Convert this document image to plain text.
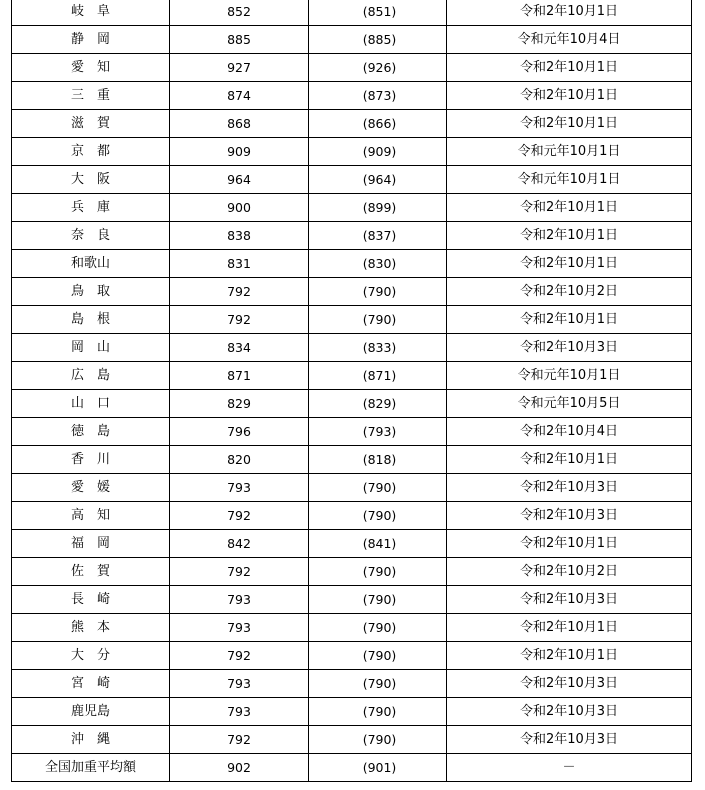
岐　阜	852	(851)	令和2年10月1日
静　岡	885	(885)	令和元年10月4日
愛　知	927	(926)	令和2年10月1日
三　重	874	(873)	令和2年10月1日
滋　賀	868	(866)	令和2年10月1日
京　都	909	(909)	令和元年10月1日
大　阪	964	(964)	令和元年10月1日
兵　庫	900	(899)	令和2年10月1日
奈　良	838	(837)	令和2年10月1日
和歌山	831	(830)	令和2年10月1日
鳥　取	792	(790)	令和2年10月2日
島　根	792	(790)	令和2年10月1日
岡　山	834	(833)	令和2年10月3日
広　島	871	(871)	令和元年10月1日
山　口	829	(829)	令和元年10月5日
徳　島	796	(793)	令和2年10月4日
香　川	820	(818)	令和2年10月1日
愛　媛	793	(790)	令和2年10月3日
高　知	792	(790)	令和2年10月3日
福　岡	842	(841)	令和2年10月1日
佐　賀	792	(790)	令和2年10月2日
長　崎	793	(790)	令和2年10月3日
熊　本	793	(790)	令和2年10月1日
大　分	792	(790)	令和2年10月1日
宮　崎	793	(790)	令和2年10月3日
鹿児島	793	(790)	令和2年10月3日
沖　縄	792	(790)	令和2年10月3日
全国加重平均額	902	(901)	－
